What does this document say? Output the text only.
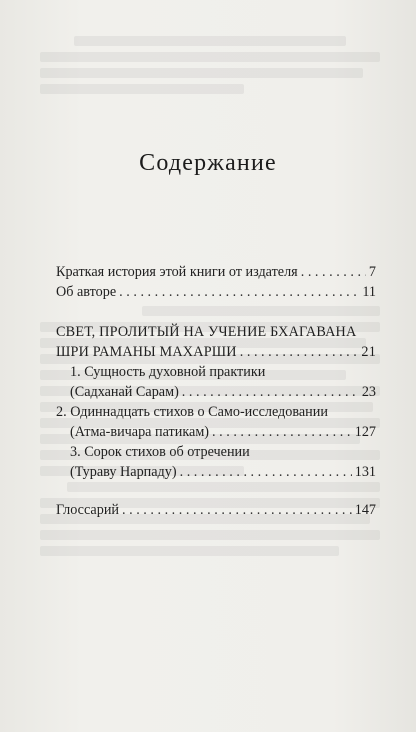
Содержание
Краткая история этой книги от издателя . . .	7
Об авторе . . .	11
СВЕТ, ПРОЛИТЫЙ НА УЧЕНИЕ БХАГАВАНА
ШРИ РАМАНЫ МАХАРШИ . . .	21
1. Сущность духовной практики
(Садханай Сарам) . . .	23
2. Одиннадцать стихов о Само-исследовании
(Атма-вичара патикам) . . .	127
3. Сорок стихов об отречении
(Тураву Нарпаду) . . .	131
Глоссарий . . .	147
